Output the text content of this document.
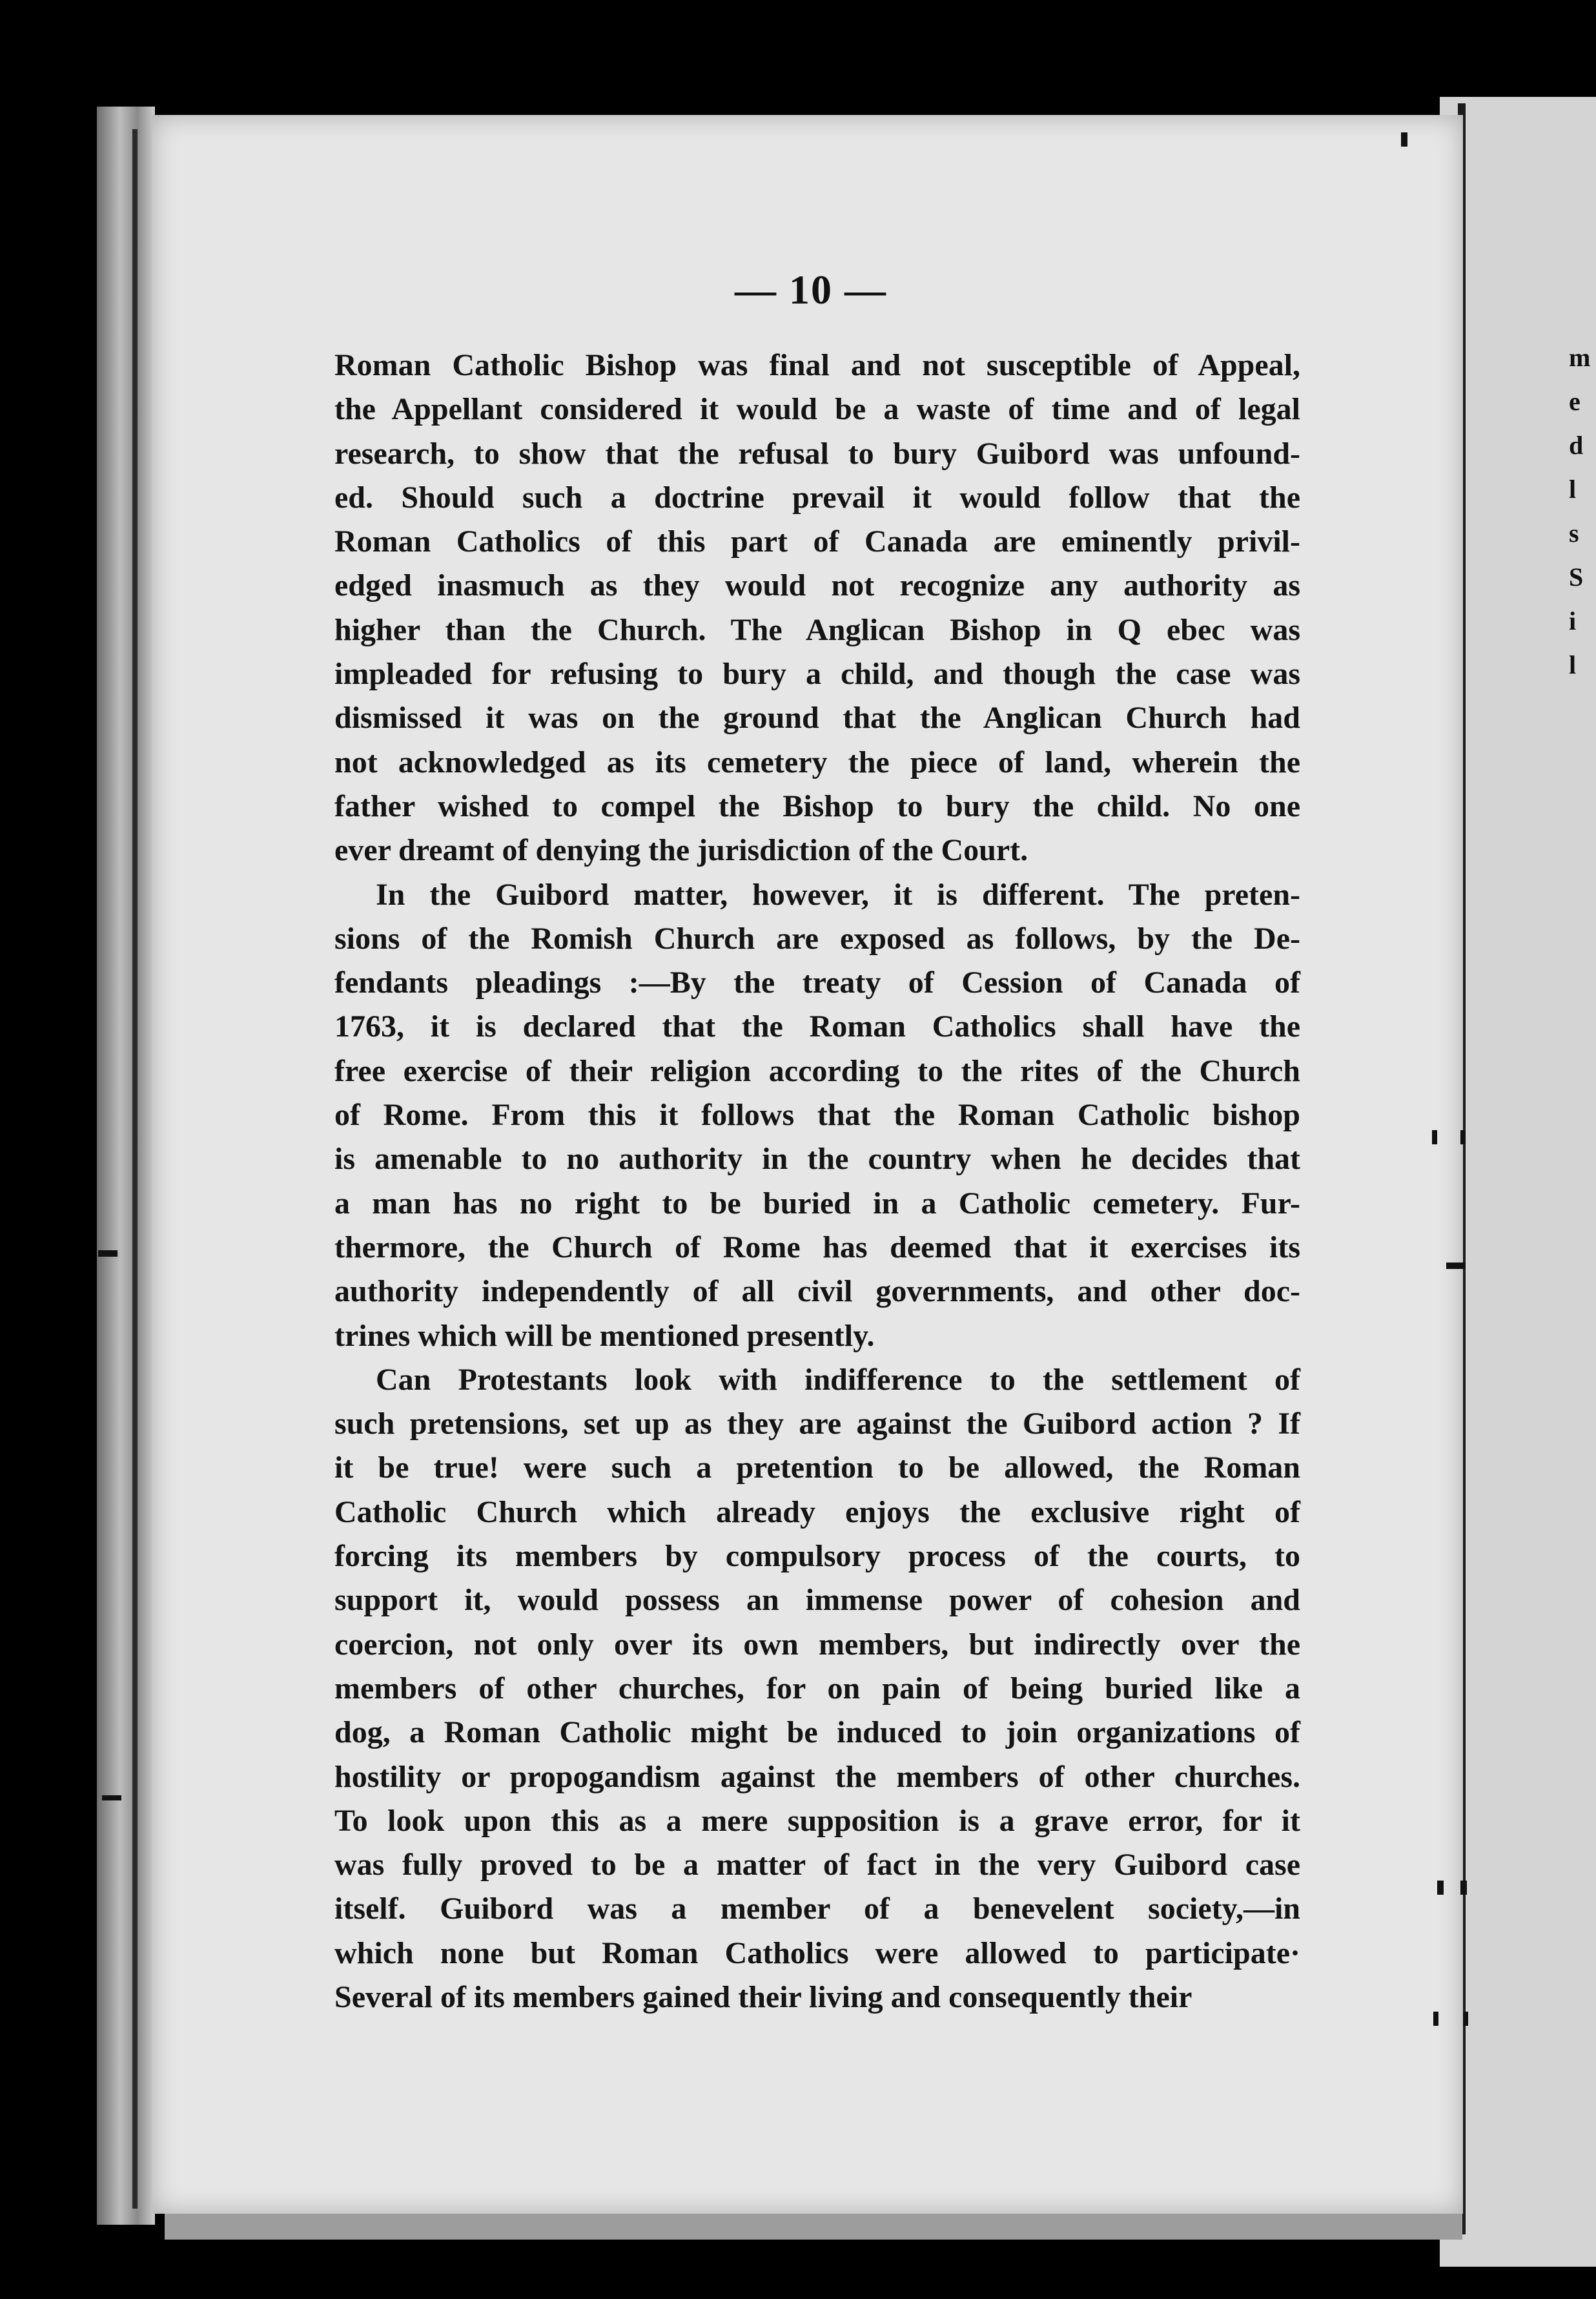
m
e
d
l
s
S
i
l
— 10 —
Roman Catholic Bishop was final and not susceptible of Appeal,
the Appellant considered it would be a waste of time and of legal
research, to show that the refusal to bury Guibord was unfound-
ed. Should such a doctrine prevail it would follow that the
Roman Catholics of this part of Canada are eminently privil-
edged inasmuch as they would not recognize any authority as
higher than the Church. The Anglican Bishop in Q ebec was
impleaded for refusing to bury a child, and though the case was
dismissed it was on the ground that the Anglican Church had
not acknowledged as its cemetery the piece of land, wherein the
father wished to compel the Bishop to bury the child. No one
ever dreamt of denying the jurisdiction of the Court.
In the Guibord matter, however, it is different. The preten-
sions of the Romish Church are exposed as follows, by the De-
fendants pleadings :—By the treaty of Cession of Canada of
1763, it is declared that the Roman Catholics shall have the
free exercise of their religion according to the rites of the Church
of Rome. From this it follows that the Roman Catholic bishop
is amenable to no authority in the country when he decides that
a man has no right to be buried in a Catholic cemetery. Fur-
thermore, the Church of Rome has deemed that it exercises its
authority independently of all civil governments, and other doc-
trines which will be mentioned presently.
Can Protestants look with indifference to the settlement of
such pretensions, set up as they are against the Guibord action ? If
it be true! were such a pretention to be allowed, the Roman
Catholic Church which already enjoys the exclusive right of
forcing its members by compulsory process of the courts, to
support it, would possess an immense power of cohesion and
coercion, not only over its own members, but indirectly over the
members of other churches, for on pain of being buried like a
dog, a Roman Catholic might be induced to join organizations of
hostility or propogandism against the members of other churches.
To look upon this as a mere supposition is a grave error, for it
was fully proved to be a matter of fact in the very Guibord case
itself. Guibord was a member of a benevelent society,—in
which none but Roman Catholics were allowed to participate·
Several of its members gained their living and consequently their
